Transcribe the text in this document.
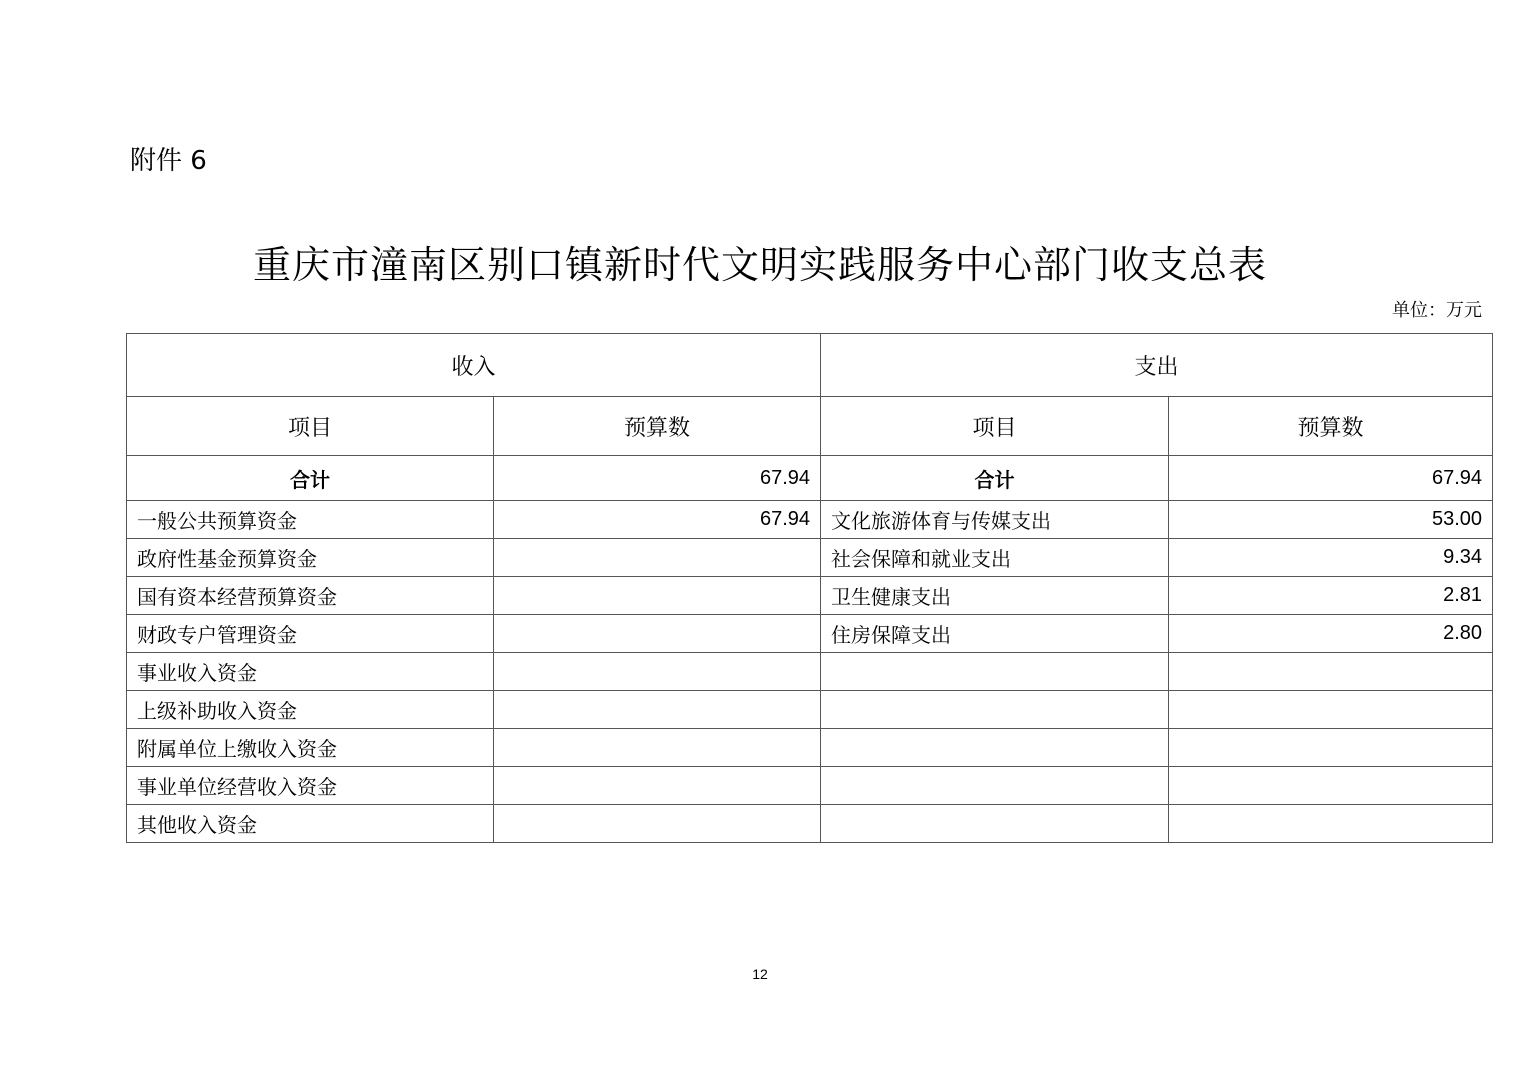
附件 6
重庆市潼南区别口镇新时代文明实践服务中心部门收支总表
单位：万元
收入		支出	
项目	预算数	项目	预算数
合计	67.94	合计	67.94
一般公共预算资金	67.94	文化旅游体育与传媒支出	53.00
政府性基金预算资金		社会保障和就业支出	9.34
国有资本经营预算资金		卫生健康支出	2.81
财政专户管理资金		住房保障支出	2.80
事业收入资金			
上级补助收入资金			
附属单位上缴收入资金			
事业单位经营收入资金			
其他收入资金			
12
